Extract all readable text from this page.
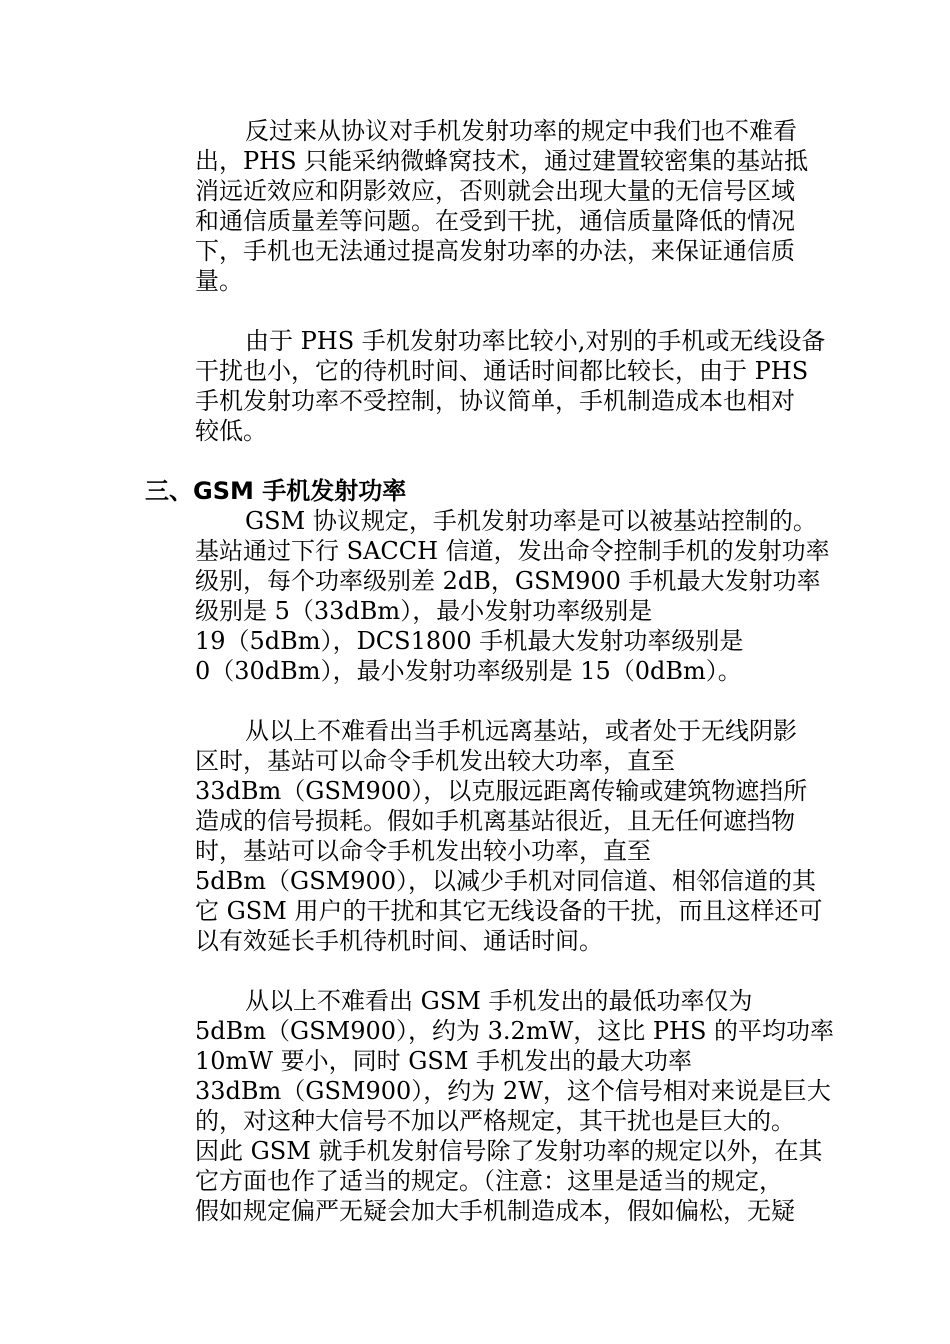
反过来从协议对手机发射功率的规定中我们也不难看
出，PHS 只能采纳微蜂窝技术，通过建置较密集的基站抵
消远近效应和阴影效应，否则就会出现大量的无信号区域
和通信质量差等问题。在受到干扰，通信质量降低的情况
下，手机也无法通过提高发射功率的办法，来保证通信质
量。

由于 PHS 手机发射功率比较小,对别的手机或无线设备
干扰也小，它的待机时间、通话时间都比较长，由于 PHS
手机发射功率不受控制，协议简单，手机制造成本也相对
较低。

三、GSM 手机发射功率

GSM 协议规定，手机发射功率是可以被基站控制的。
基站通过下行 SACCH 信道，发出命令控制手机的发射功率
级别，每个功率级别差 2dB，GSM900 手机最大发射功率
级别是 5（33dBm），最小发射功率级别是
19（5dBm），DCS1800 手机最大发射功率级别是
0（30dBm），最小发射功率级别是 15（0dBm）。

从以上不难看出当手机远离基站，或者处于无线阴影
区时，基站可以命令手机发出较大功率，直至
33dBm（GSM900），以克服远距离传输或建筑物遮挡所
造成的信号损耗。假如手机离基站很近，且无任何遮挡物
时，基站可以命令手机发出较小功率，直至
5dBm（GSM900），以减少手机对同信道、相邻信道的其
它 GSM 用户的干扰和其它无线设备的干扰，而且这样还可
以有效延长手机待机时间、通话时间。

从以上不难看出 GSM 手机发出的最低功率仅为
5dBm（GSM900），约为 3.2mW，这比 PHS 的平均功率
10mW 要小，同时 GSM 手机发出的最大功率
33dBm（GSM900），约为 2W，这个信号相对来说是巨大
的，对这种大信号不加以严格规定，其干扰也是巨大的。
因此 GSM 就手机发射信号除了发射功率的规定以外，在其
它方面也作了适当的规定。（注意：这里是适当的规定，
假如规定偏严无疑会加大手机制造成本，假如偏松，无疑
